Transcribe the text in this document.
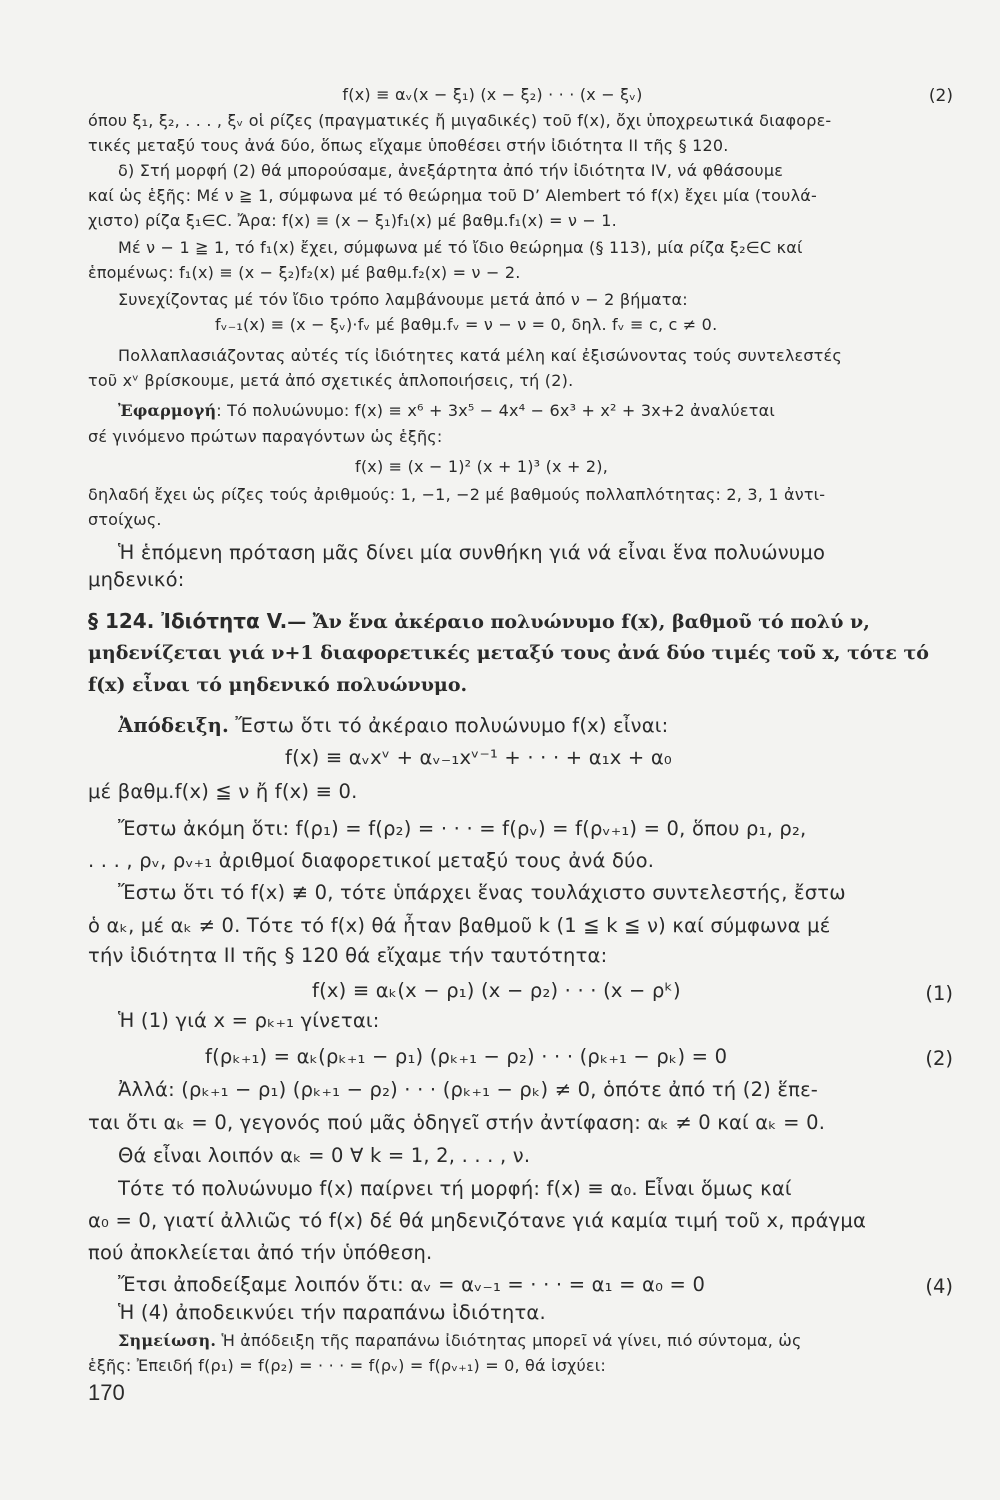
f(x) ≡ αᵥ(x − ξ₁) (x − ξ₂) · · · (x − ξᵥ)	(2)
όπου ξ₁, ξ₂, . . . , ξᵥ οἱ ρίζες (πραγματικές ἤ μιγαδικές) τοῦ f(x), ὄχι ὑποχρεωτικά διαφορε-
τικές μεταξύ τους ἀνά δύο, ὅπως εἴχαμε ὑποθέσει στήν ἰδιότητα II τῆς § 120.
δ) Στή μορφή (2) θά μπορούσαμε, ἀνεξάρτητα ἀπό τήν ἰδιότητα IV, νά φθάσουμε
καί ὡς ἑξῆς: Μέ ν ≧ 1, σύμφωνα μέ τό θεώρημα τοῦ D’ Alembert τό f(x) ἔχει μία (τουλά-
χιστο) ρίζα ξ₁∈C. Ἄρα: f(x) ≡ (x − ξ₁)f₁(x) μέ βαθμ.f₁(x) = ν − 1.
Μέ ν − 1 ≧ 1, τό f₁(x) ἔχει, σύμφωνα μέ τό ἴδιο θεώρημα (§ 113), μία ρίζα ξ₂∈C καί
ἑπομένως: f₁(x) ≡ (x − ξ₂)f₂(x) μέ βαθμ.f₂(x) = ν − 2.
Συνεχίζοντας μέ τόν ἴδιο τρόπο λαμβάνουμε μετά ἀπό ν − 2 βήματα:
fᵥ₋₁(x) ≡ (x − ξᵥ)·fᵥ μέ βαθμ.fᵥ = ν − ν = 0, δηλ. fᵥ ≡ c, c ≠ 0.
Πολλαπλασιάζοντας αὐτές τίς ἰδιότητες κατά μέλη καί ἐξισώνοντας τούς συντελεστές
τοῦ xᵛ βρίσκουμε, μετά ἀπό σχετικές ἁπλοποιήσεις, τή (2).
Ἐφαρμογή: Τό πολυώνυμο: f(x) ≡ x⁶ + 3x⁵ − 4x⁴ − 6x³ + x² + 3x+2 ἀναλύεται
σέ γινόμενο πρώτων παραγόντων ὡς ἑξῆς:
f(x) ≡ (x − 1)² (x + 1)³ (x + 2),
δηλαδή ἔχει ὡς ρίζες τούς ἀριθμούς: 1, −1, −2 μέ βαθμούς πολλαπλότητας: 2, 3, 1 ἀντι-
στοίχως.
Ἡ ἑπόμενη πρόταση μᾶς δίνει μία συνθήκη γιά νά εἶναι ἕνα πολυώνυμο
μηδενικό:
§ 124. Ἰδιότητα V.— Ἄν ἕνα ἀκέραιο πολυώνυμο f(x), βαθμοῦ τό πολύ ν,
μηδενίζεται γιά ν+1 διαφορετικές μεταξύ τους ἀνά δύο τιμές τοῦ x, τότε τό
f(x) εἶναι τό μηδενικό πολυώνυμο.
Ἀπόδειξη. Ἔστω ὅτι τό ἀκέραιο πολυώνυμο f(x) εἶναι:
f(x) ≡ αᵥxᵛ + αᵥ₋₁xᵛ⁻¹ + · · · + α₁x + α₀
μέ βαθμ.f(x) ≦ ν ἤ f(x) ≡ 0.
Ἔστω ἀκόμη ὅτι: f(ρ₁) = f(ρ₂) = · · · = f(ρᵥ) = f(ρᵥ₊₁) = 0, ὅπου ρ₁, ρ₂,
. . . , ρᵥ, ρᵥ₊₁ ἀριθμοί διαφορετικοί μεταξύ τους ἀνά δύο.
Ἔστω ὅτι τό f(x) ≢ 0, τότε ὑπάρχει ἕνας τουλάχιστο συντελεστής, ἔστω
ὁ αₖ, μέ αₖ ≠ 0. Τότε τό f(x) θά ἦταν βαθμοῦ k (1 ≦ k ≦ ν) καί σύμφωνα μέ
τήν ἰδιότητα II τῆς § 120 θά εἴχαμε τήν ταυτότητα:
f(x) ≡ αₖ(x − ρ₁) (x − ρ₂) · · · (x − ρᵏ)	(1)
Ἡ (1) γιά x = ρₖ₊₁ γίνεται:
f(ρₖ₊₁) = αₖ(ρₖ₊₁ − ρ₁) (ρₖ₊₁ − ρ₂) · · · (ρₖ₊₁ − ρₖ) = 0	(2)
Ἀλλά: (ρₖ₊₁ − ρ₁) (ρₖ₊₁ − ρ₂) · · · (ρₖ₊₁ − ρₖ) ≠ 0, ὁπότε ἀπό τή (2) ἕπε-
ται ὅτι αₖ = 0, γεγονός πού μᾶς ὁδηγεῖ στήν ἀντίφαση: αₖ ≠ 0 καί αₖ = 0.
Θά εἶναι λοιπόν αₖ = 0 ∀ k = 1, 2, . . . , ν.
Τότε τό πολυώνυμο f(x) παίρνει τή μορφή: f(x) ≡ α₀. Εἶναι ὅμως καί
α₀ = 0, γιατί ἀλλιῶς τό f(x) δέ θά μηδενιζότανε γιά καμία τιμή τοῦ x, πράγμα
πού ἀποκλείεται ἀπό τήν ὑπόθεση.
Ἔτσι ἀποδείξαμε λοιπόν ὅτι: αᵥ = αᵥ₋₁ = · · · = α₁ = α₀ = 0	(4)
Ἡ (4) ἀποδεικνύει τήν παραπάνω ἰδιότητα.
Σημείωση. Ἡ ἀπόδειξη τῆς παραπάνω ἰδιότητας μπορεῖ νά γίνει, πιό σύντομα, ὡς
ἑξῆς: Ἐπειδή f(ρ₁) = f(ρ₂) = · · · = f(ρᵥ) = f(ρᵥ₊₁) = 0, θά ἰσχύει:
170
